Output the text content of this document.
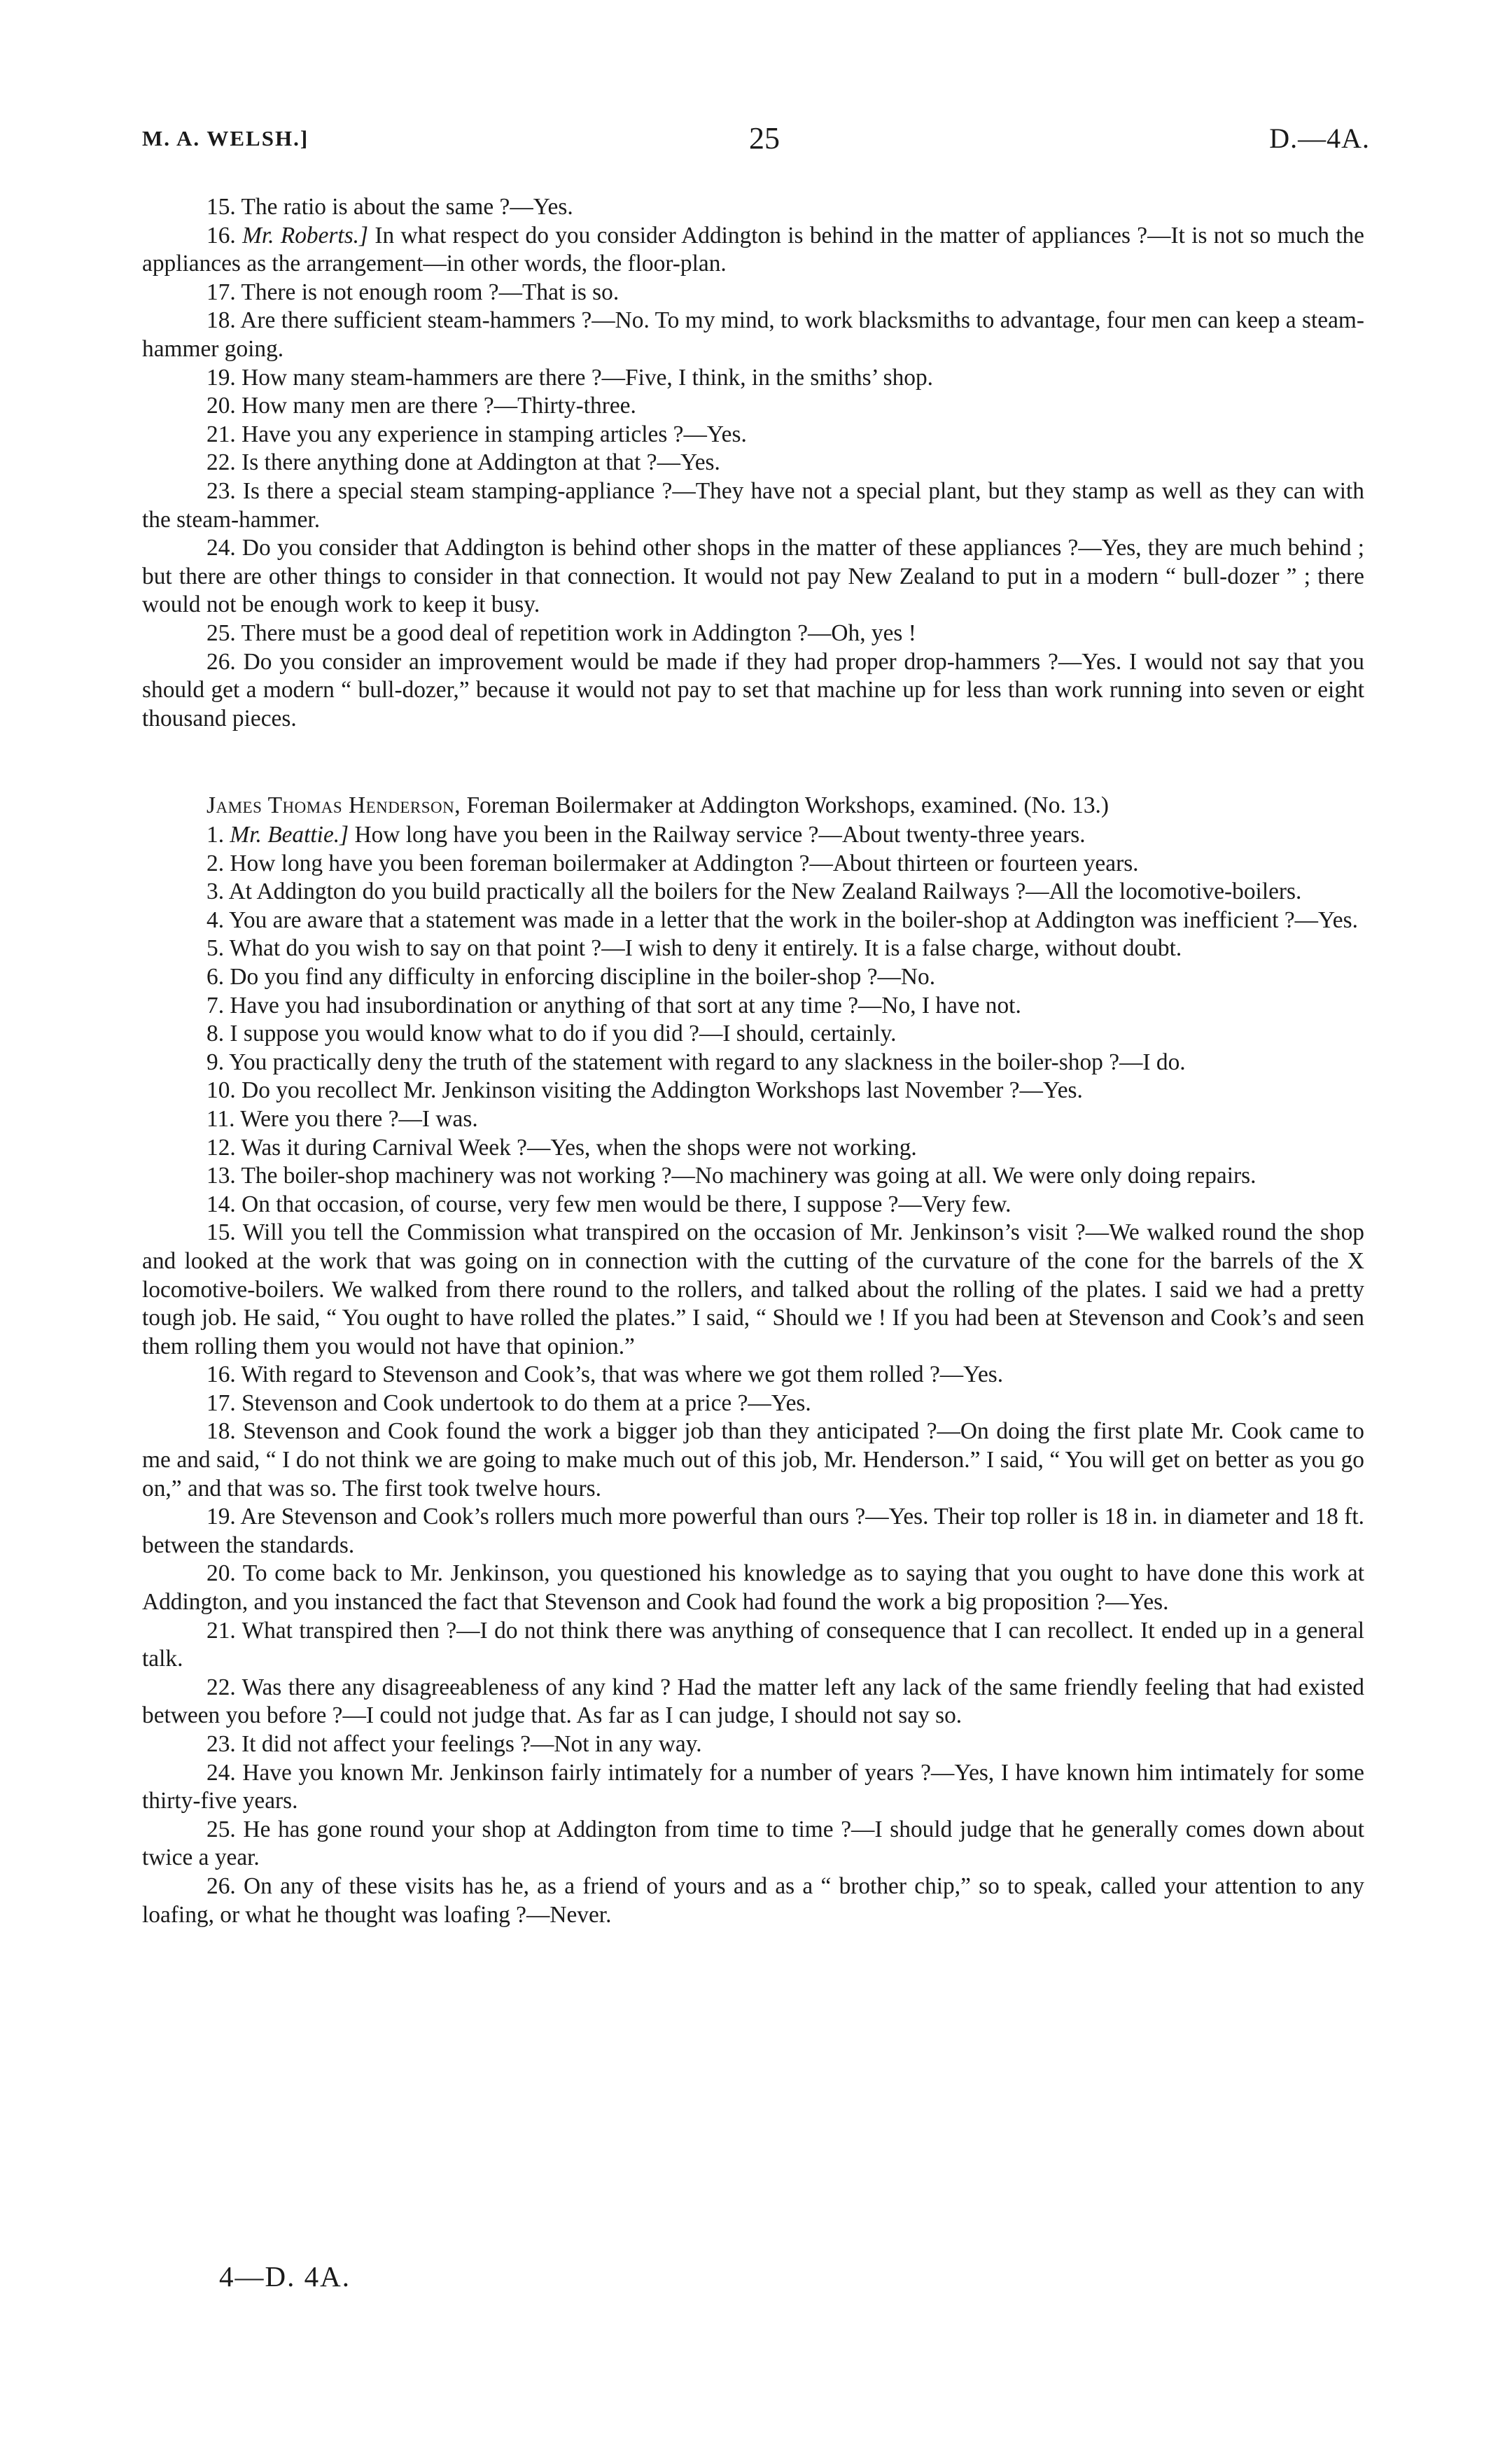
M. A. WELSH.]	25	D.—4A.

15. The ratio is about the same ?—Yes.

16. Mr. Roberts.] In what respect do you consider Addington is behind in the matter of appliances ?—It is not so much the appliances as the arrangement—in other words, the floor-plan.

17. There is not enough room ?—That is so.

18. Are there sufficient steam-hammers ?—No. To my mind, to work blacksmiths to advantage, four men can keep a steam-hammer going.

19. How many steam-hammers are there ?—Five, I think, in the smiths’ shop.

20. How many men are there ?—Thirty-three.

21. Have you any experience in stamping articles ?—Yes.

22. Is there anything done at Addington at that ?—Yes.

23. Is there a special steam stamping-appliance ?—They have not a special plant, but they stamp as well as they can with the steam-hammer.

24. Do you consider that Addington is behind other shops in the matter of these appliances ?—Yes, they are much behind ; but there are other things to consider in that connection. It would not pay New Zealand to put in a modern “ bull-dozer ” ; there would not be enough work to keep it busy.

25. There must be a good deal of repetition work in Addington ?—Oh, yes !

26. Do you consider an improvement would be made if they had proper drop-hammers ?—Yes. I would not say that you should get a modern “ bull-dozer,” because it would not pay to set that machine up for less than work running into seven or eight thousand pieces.

James Thomas Henderson, Foreman Boilermaker at Addington Workshops, examined. (No. 13.)

1. Mr. Beattie.] How long have you been in the Railway service ?—About twenty-three years.

2. How long have you been foreman boilermaker at Addington ?—About thirteen or fourteen years.

3. At Addington do you build practically all the boilers for the New Zealand Railways ?—All the locomotive-boilers.

4. You are aware that a statement was made in a letter that the work in the boiler-shop at Addington was inefficient ?—Yes.

5. What do you wish to say on that point ?—I wish to deny it entirely. It is a false charge, without doubt.

6. Do you find any difficulty in enforcing discipline in the boiler-shop ?—No.

7. Have you had insubordination or anything of that sort at any time ?—No, I have not.

8. I suppose you would know what to do if you did ?—I should, certainly.

9. You practically deny the truth of the statement with regard to any slackness in the boiler-shop ?—I do.

10. Do you recollect Mr. Jenkinson visiting the Addington Workshops last November ?—Yes.

11. Were you there ?—I was.

12. Was it during Carnival Week ?—Yes, when the shops were not working.

13. The boiler-shop machinery was not working ?—No machinery was going at all. We were only doing repairs.

14. On that occasion, of course, very few men would be there, I suppose ?—Very few.

15. Will you tell the Commission what transpired on the occasion of Mr. Jenkinson’s visit ?—We walked round the shop and looked at the work that was going on in connection with the cutting of the curvature of the cone for the barrels of the X locomotive-boilers. We walked from there round to the rollers, and talked about the rolling of the plates. I said we had a pretty tough job. He said, “ You ought to have rolled the plates.” I said, “ Should we ! If you had been at Stevenson and Cook’s and seen them rolling them you would not have that opinion.”

16. With regard to Stevenson and Cook’s, that was where we got them rolled ?—Yes.

17. Stevenson and Cook undertook to do them at a price ?—Yes.

18. Stevenson and Cook found the work a bigger job than they anticipated ?—On doing the first plate Mr. Cook came to me and said, “ I do not think we are going to make much out of this job, Mr. Henderson.” I said, “ You will get on better as you go on,” and that was so. The first took twelve hours.

19. Are Stevenson and Cook’s rollers much more powerful than ours ?—Yes. Their top roller is 18 in. in diameter and 18 ft. between the standards.

20. To come back to Mr. Jenkinson, you questioned his knowledge as to saying that you ought to have done this work at Addington, and you instanced the fact that Stevenson and Cook had found the work a big proposition ?—Yes.

21. What transpired then ?—I do not think there was anything of consequence that I can recollect. It ended up in a general talk.

22. Was there any disagreeableness of any kind ? Had the matter left any lack of the same friendly feeling that had existed between you before ?—I could not judge that. As far as I can judge, I should not say so.

23. It did not affect your feelings ?—Not in any way.

24. Have you known Mr. Jenkinson fairly intimately for a number of years ?—Yes, I have known him intimately for some thirty-five years.

25. He has gone round your shop at Addington from time to time ?—I should judge that he generally comes down about twice a year.

26. On any of these visits has he, as a friend of yours and as a “ brother chip,” so to speak, called your attention to any loafing, or what he thought was loafing ?—Never.

4—D. 4A.
